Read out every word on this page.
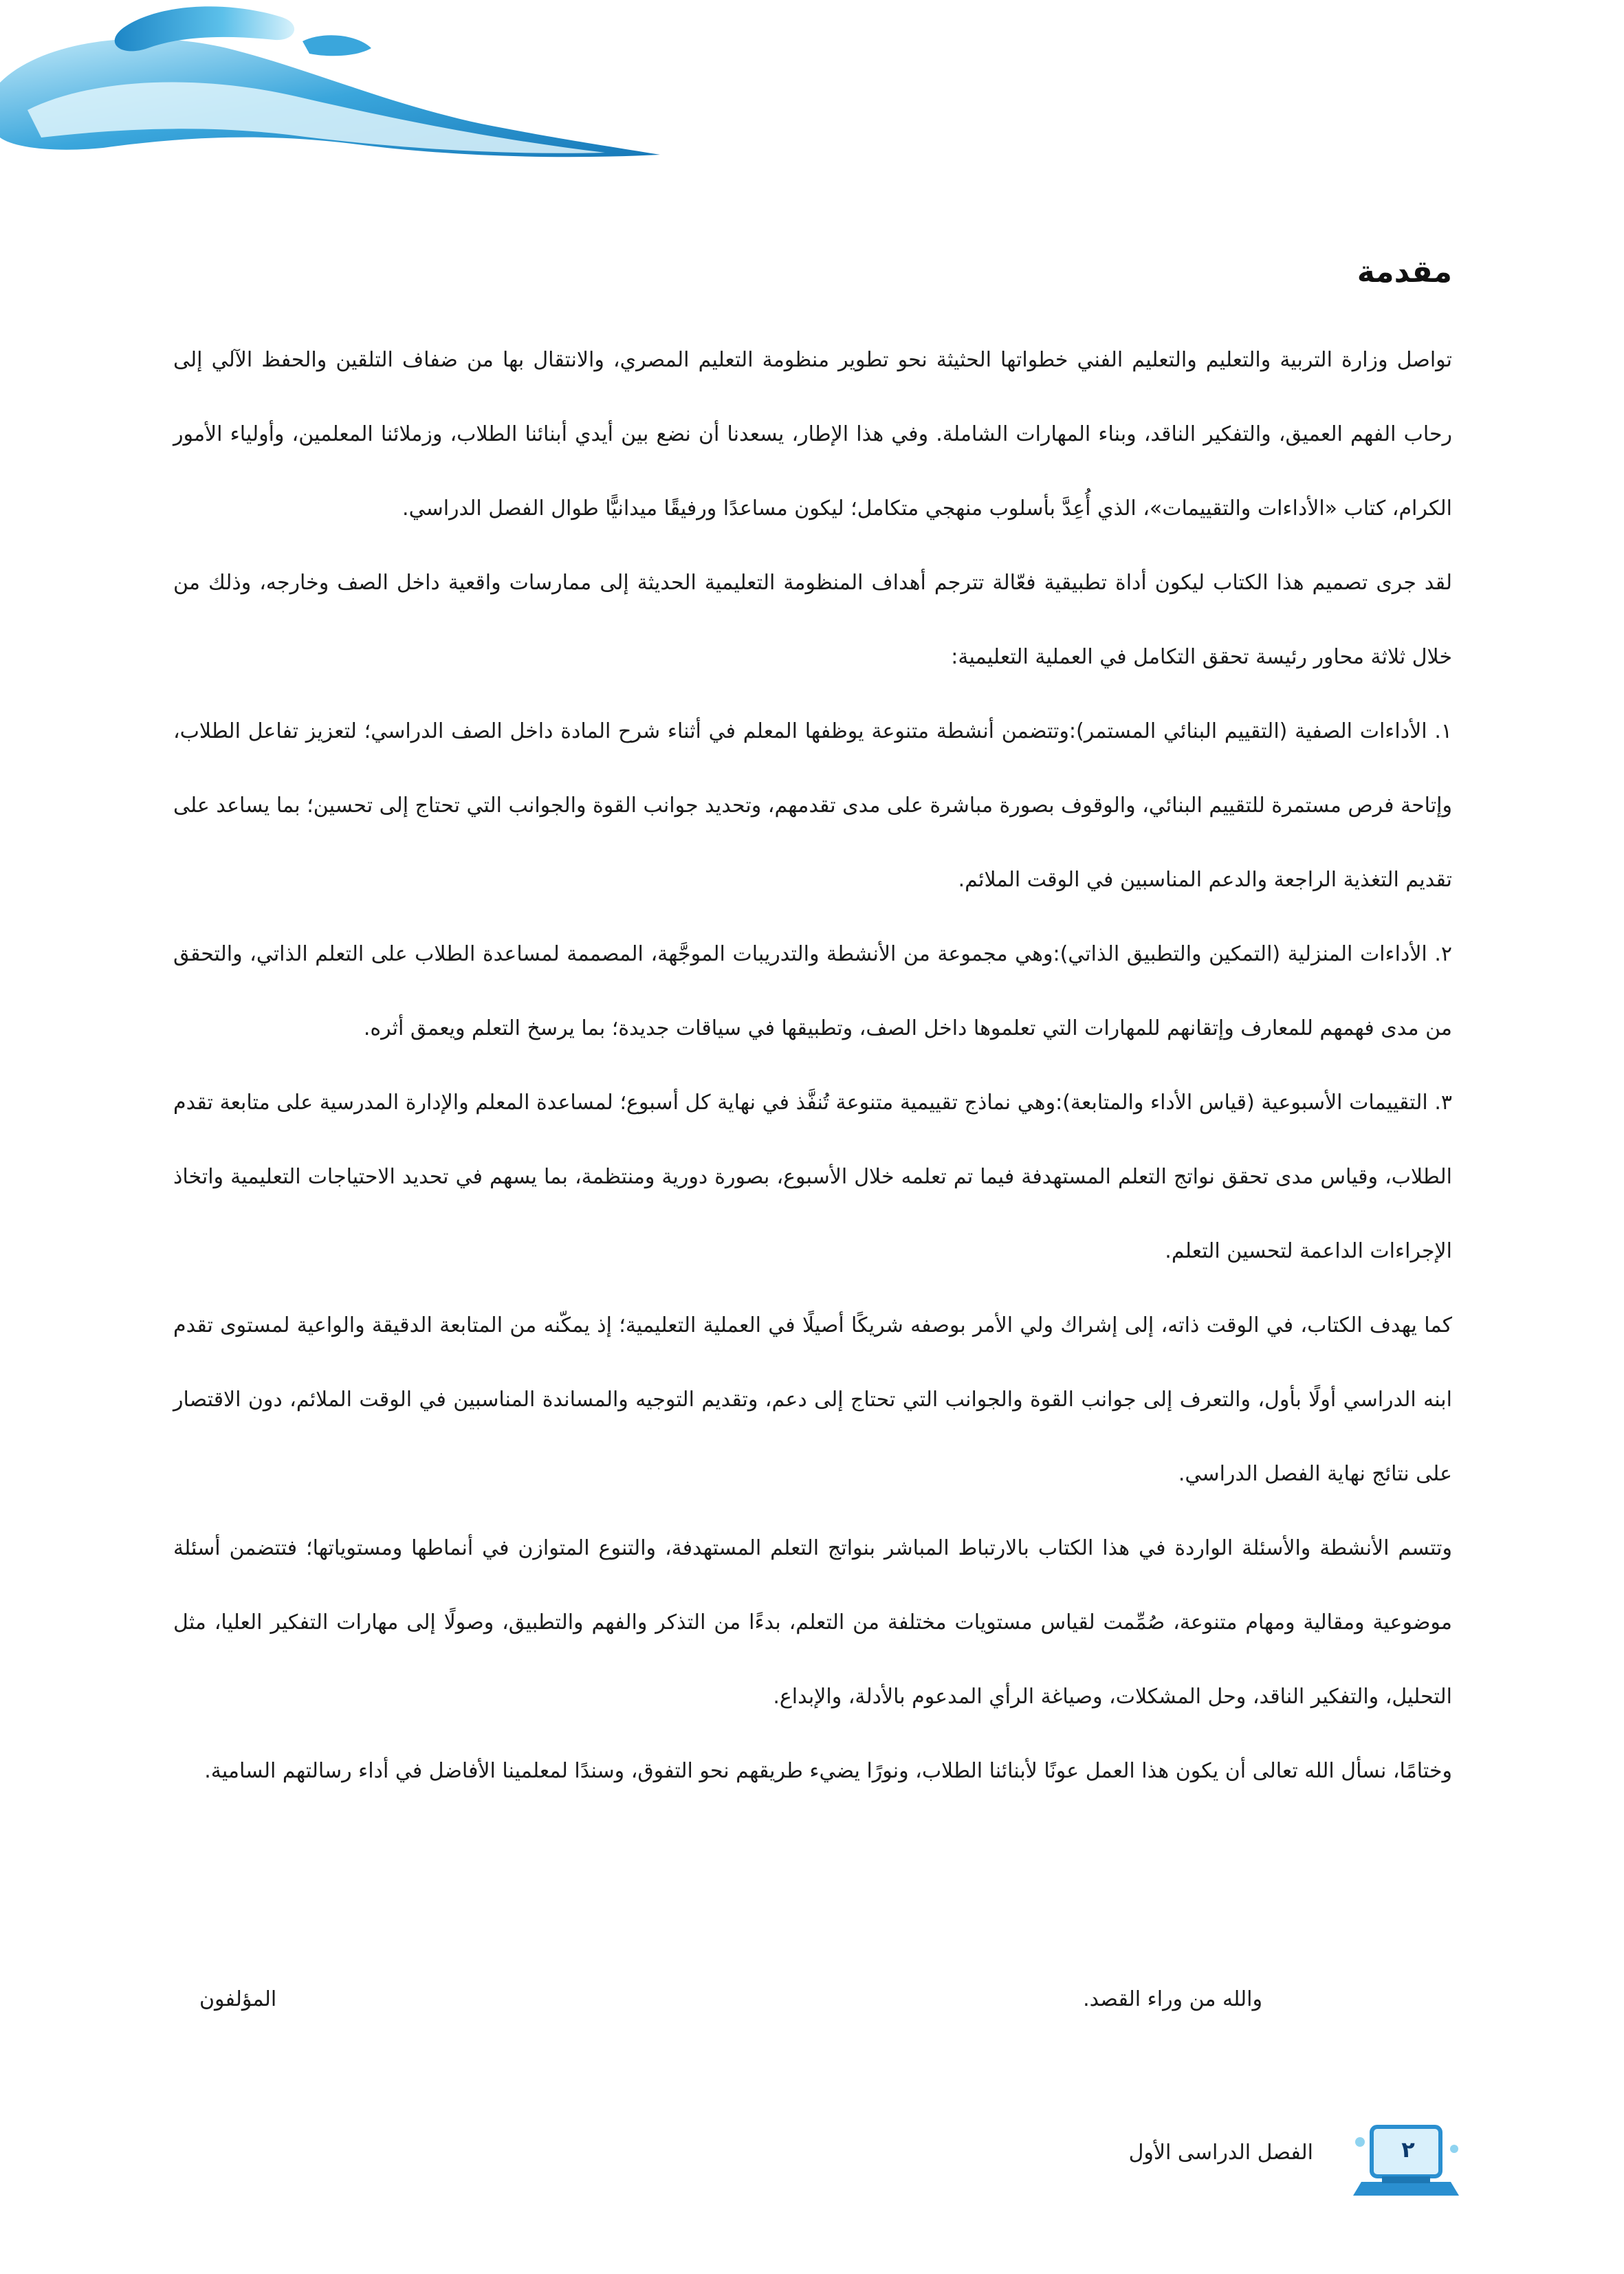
مقدمة

تواصل وزارة التربية والتعليم والتعليم الفني خطواتها الحثيثة نحو تطوير منظومة التعليم المصري، والانتقال بها من ضفاف التلقين والحفظ الآلي إلى رحاب الفهم العميق، والتفكير الناقد، وبناء المهارات الشاملة. وفي هذا الإطار، يسعدنا أن نضع بين أيدي أبنائنا الطلاب، وزملائنا المعلمين، وأولياء الأمور الكرام، كتاب «الأداءات والتقييمات»، الذي أُعِدَّ بأسلوب منهجي متكامل؛ ليكون مساعدًا ورفيقًا ميدانيًّا طوال الفصل الدراسي.

لقد جرى تصميم هذا الكتاب ليكون أداة تطبيقية فعّالة تترجم أهداف المنظومة التعليمية الحديثة إلى ممارسات واقعية داخل الصف وخارجه، وذلك من خلال ثلاثة محاور رئيسة تحقق التكامل في العملية التعليمية:

١. الأداءات الصفية (التقييم البنائي المستمر):وتتضمن أنشطة متنوعة يوظفها المعلم في أثناء شرح المادة داخل الصف الدراسي؛ لتعزيز تفاعل الطلاب، وإتاحة فرص مستمرة للتقييم البنائي، والوقوف بصورة مباشرة على مدى تقدمهم، وتحديد جوانب القوة والجوانب التي تحتاج إلى تحسين؛ بما يساعد على تقديم التغذية الراجعة والدعم المناسبين في الوقت الملائم.

٢. الأداءات المنزلية (التمكين والتطبيق الذاتي):وهي مجموعة من الأنشطة والتدريبات الموجَّهة، المصممة لمساعدة الطلاب على التعلم الذاتي، والتحقق من مدى فهمهم للمعارف وإتقانهم للمهارات التي تعلموها داخل الصف، وتطبيقها في سياقات جديدة؛ بما يرسخ التعلم ويعمق أثره.

٣. التقييمات الأسبوعية (قياس الأداء والمتابعة):وهي نماذج تقييمية متنوعة تُنفَّذ في نهاية كل أسبوع؛ لمساعدة المعلم والإدارة المدرسية على متابعة تقدم الطلاب، وقياس مدى تحقق نواتج التعلم المستهدفة فيما تم تعلمه خلال الأسبوع، بصورة دورية ومنتظمة، بما يسهم في تحديد الاحتياجات التعليمية واتخاذ الإجراءات الداعمة لتحسين التعلم.

كما يهدف الكتاب، في الوقت ذاته، إلى إشراك ولي الأمر بوصفه شريكًا أصيلًا في العملية التعليمية؛ إذ يمكّنه من المتابعة الدقيقة والواعية لمستوى تقدم ابنه الدراسي أولًا بأول، والتعرف إلى جوانب القوة والجوانب التي تحتاج إلى دعم، وتقديم التوجيه والمساندة المناسبين في الوقت الملائم، دون الاقتصار على نتائج نهاية الفصل الدراسي.

وتتسم الأنشطة والأسئلة الواردة في هذا الكتاب بالارتباط المباشر بنواتج التعلم المستهدفة، والتنوع المتوازن في أنماطها ومستوياتها؛ فتتضمن أسئلة موضوعية ومقالية ومهام متنوعة، صُمِّمت لقياس مستويات مختلفة من التعلم، بدءًا من التذكر والفهم والتطبيق، وصولًا إلى مهارات التفكير العليا، مثل التحليل، والتفكير الناقد، وحل المشكلات، وصياغة الرأي المدعوم بالأدلة، والإبداع.

وختامًا، نسأل الله تعالى أن يكون هذا العمل عونًا لأبنائنا الطلاب، ونورًا يضيء طريقهم نحو التفوق، وسندًا لمعلمينا الأفاضل في أداء رسالتهم السامية.

والله من وراء القصد.
المؤلفون
الفصل الدراسى الأول	٢
